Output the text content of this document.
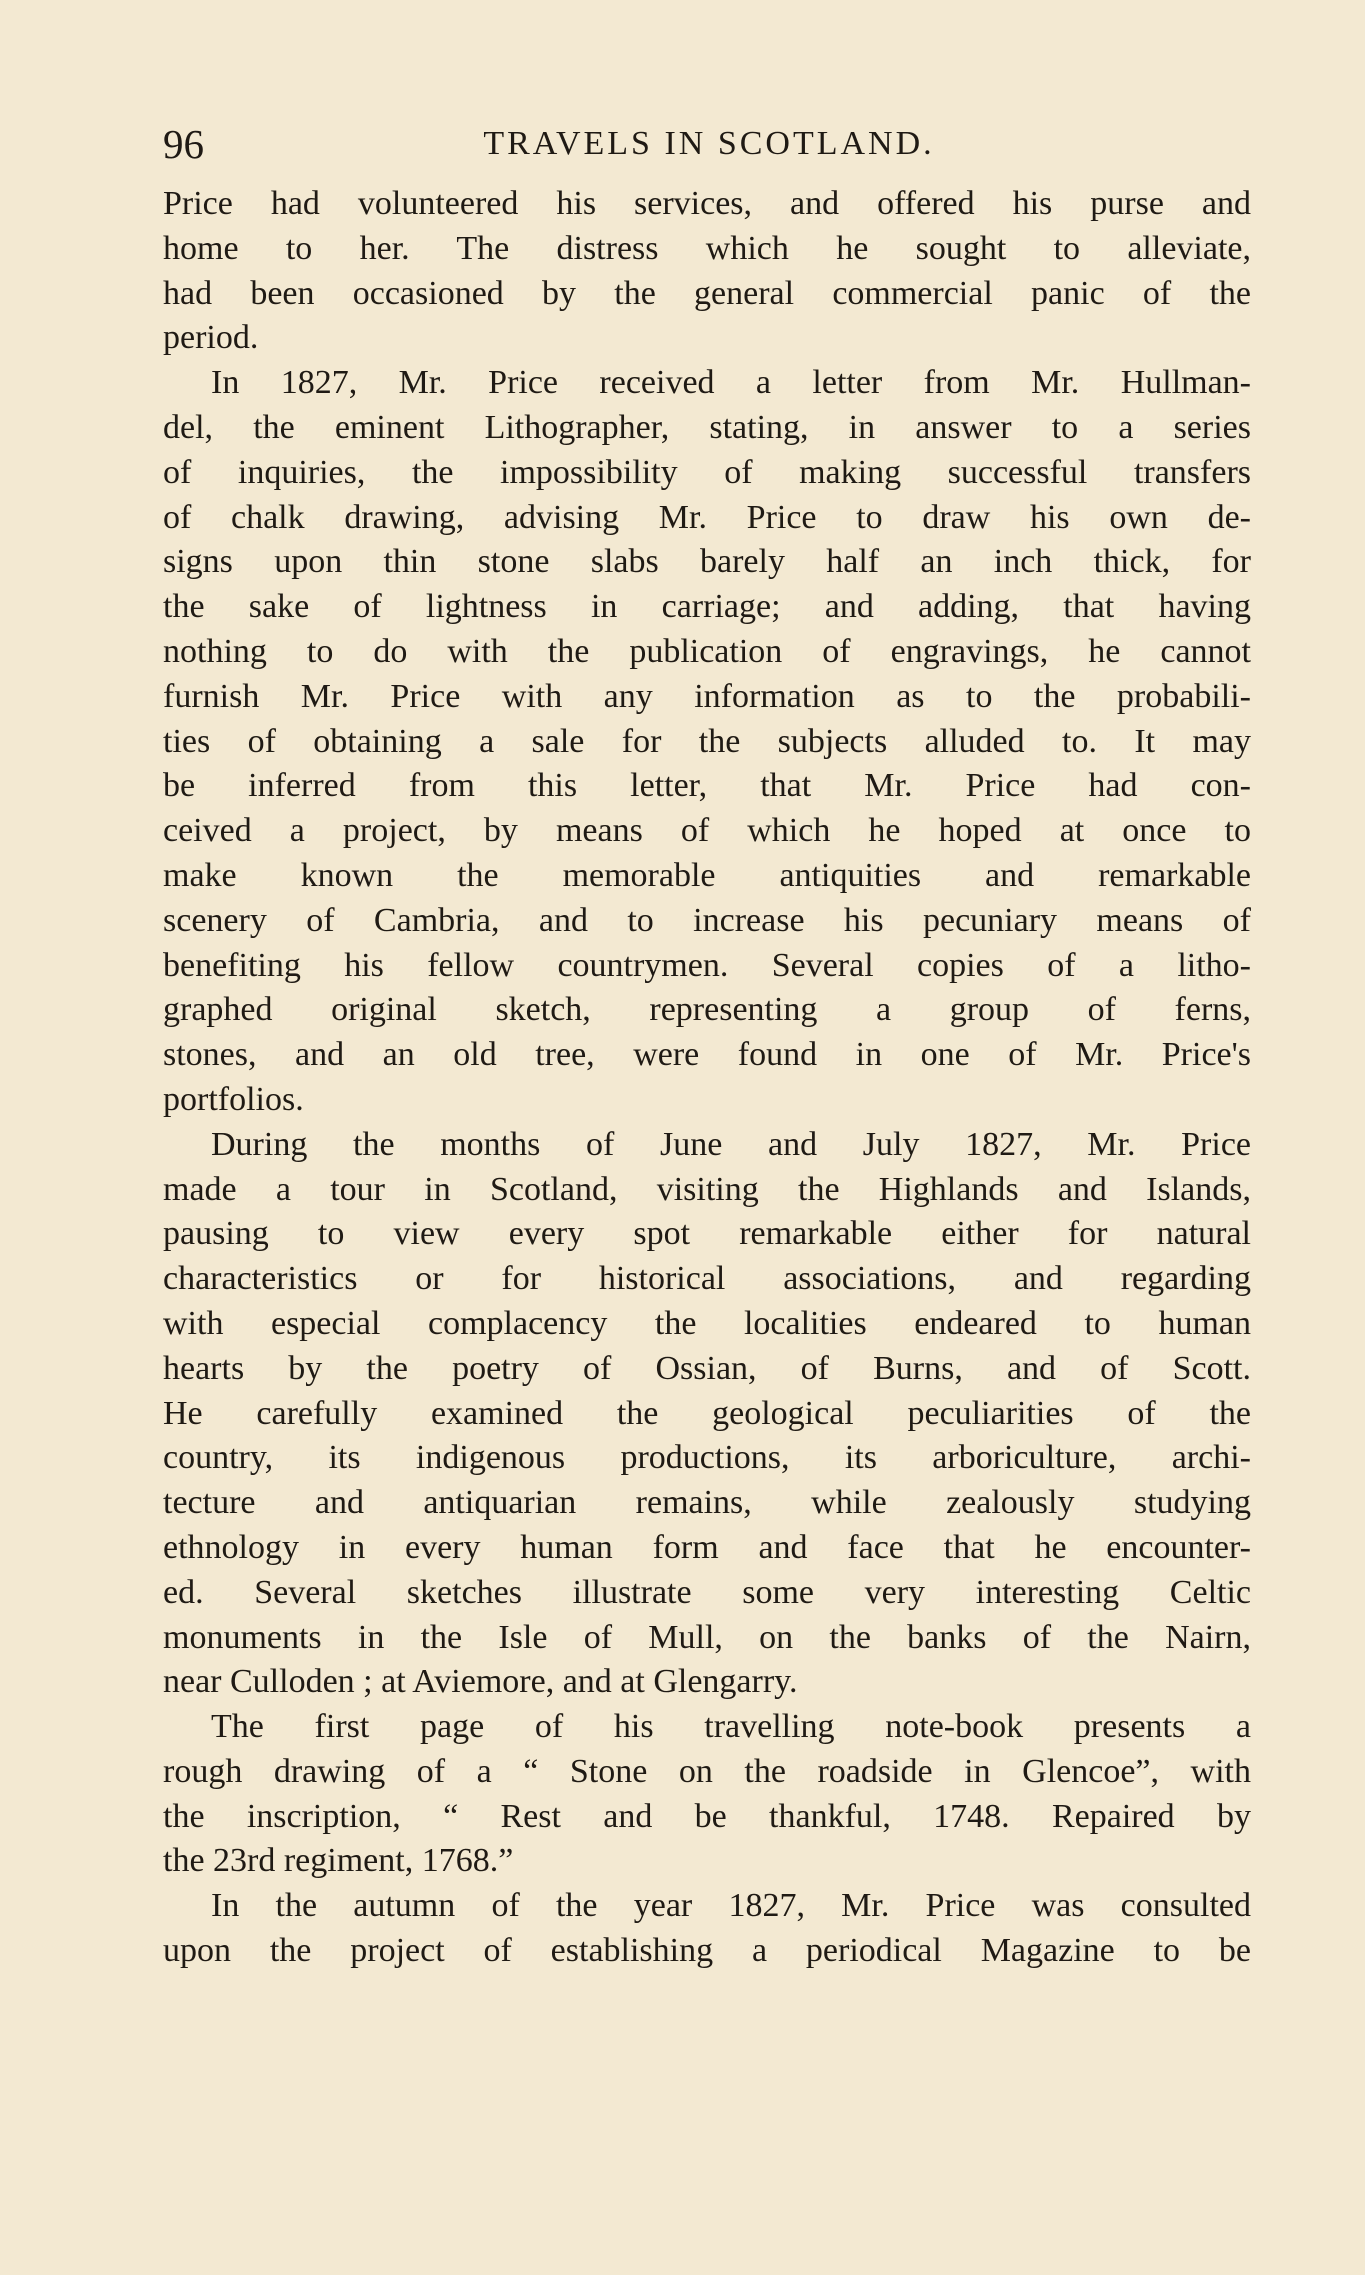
96	TRAVELS IN SCOTLAND.
Price had volunteered his services, and offered his purse and
home to her. The distress which he sought to alleviate,
had been occasioned by the general commercial panic of the
period.
In 1827, Mr. Price received a letter from Mr. Hullman-
del, the eminent Lithographer, stating, in answer to a series
of inquiries, the impossibility of making successful transfers
of chalk drawing, advising Mr. Price to draw his own de-
signs upon thin stone slabs barely half an inch thick, for
the sake of lightness in carriage; and adding, that having
nothing to do with the publication of engravings, he cannot
furnish Mr. Price with any information as to the probabili-
ties of obtaining a sale for the subjects alluded to. It may
be inferred from this letter, that Mr. Price had con-
ceived a project, by means of which he hoped at once to
make known the memorable antiquities and remarkable
scenery of Cambria, and to increase his pecuniary means of
benefiting his fellow countrymen. Several copies of a litho-
graphed original sketch, representing a group of ferns,
stones, and an old tree, were found in one of Mr. Price's
portfolios.
During the months of June and July 1827, Mr. Price
made a tour in Scotland, visiting the Highlands and Islands,
pausing to view every spot remarkable either for natural
characteristics or for historical associations, and regarding
with especial complacency the localities endeared to human
hearts by the poetry of Ossian, of Burns, and of Scott.
He carefully examined the geological peculiarities of the
country, its indigenous productions, its arboriculture, archi-
tecture and antiquarian remains, while zealously studying
ethnology in every human form and face that he encounter-
ed. Several sketches illustrate some very interesting Celtic
monuments in the Isle of Mull, on the banks of the Nairn,
near Culloden ; at Aviemore, and at Glengarry.
The first page of his travelling note-book presents a
rough drawing of a “ Stone on the roadside in Glencoe”, with
the inscription, “ Rest and be thankful, 1748. Repaired by
the 23rd regiment, 1768.”
In the autumn of the year 1827, Mr. Price was consulted
upon the project of establishing a periodical Magazine to be
